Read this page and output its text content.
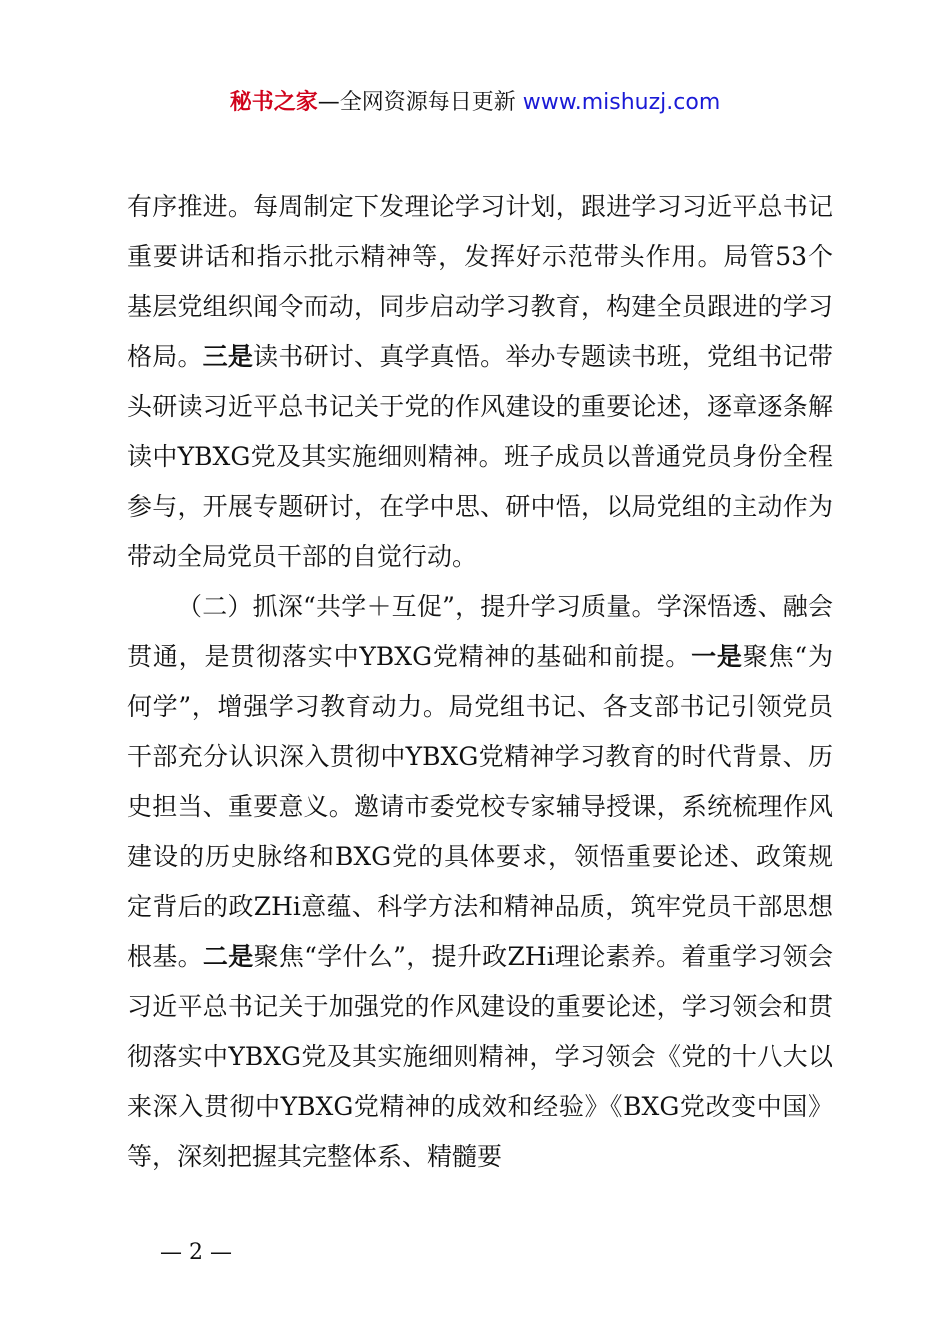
秘书之家—全网资源每日更新 www.mishuzj.com

有序推进。每周制定下发理论学习计划，跟进学习习近平总书记重要讲话和指示批示精神等，发挥好示范带头作用。局管53个基层党组织闻令而动，同步启动学习教育，构建全员跟进的学习格局。三是读书研讨、真学真悟。举办专题读书班，党组书记带头研读习近平总书记关于党的作风建设的重要论述，逐章逐条解读中YBXG党及其实施细则精神。班子成员以普通党员身份全程参与，开展专题研讨，在学中思、研中悟，以局党组的主动作为带动全局党员干部的自觉行动。

（二）抓深“共学＋互促”，提升学习质量。学深悟透、融会贯通，是贯彻落实中YBXG党精神的基础和前提。一是聚焦“为何学”，增强学习教育动力。局党组书记、各支部书记引领党员干部充分认识深入贯彻中YBXG党精神学习教育的时代背景、历史担当、重要意义。邀请市委党校专家辅导授课，系统梳理作风建设的历史脉络和BXG党的具体要求，领悟重要论述、政策规定背后的政ZHi意蕴、科学方法和精神品质，筑牢党员干部思想根基。二是聚焦“学什么”，提升政ZHi理论素养。着重学习领会习近平总书记关于加强党的作风建设的重要论述，学习领会和贯彻落实中YBXG党及其实施细则精神，学习领会《党的十八大以来深入贯彻中YBXG党精神的成效和经验》《BXG党改变中国》等，深刻把握其完整体系、精髓要

— 2 —
